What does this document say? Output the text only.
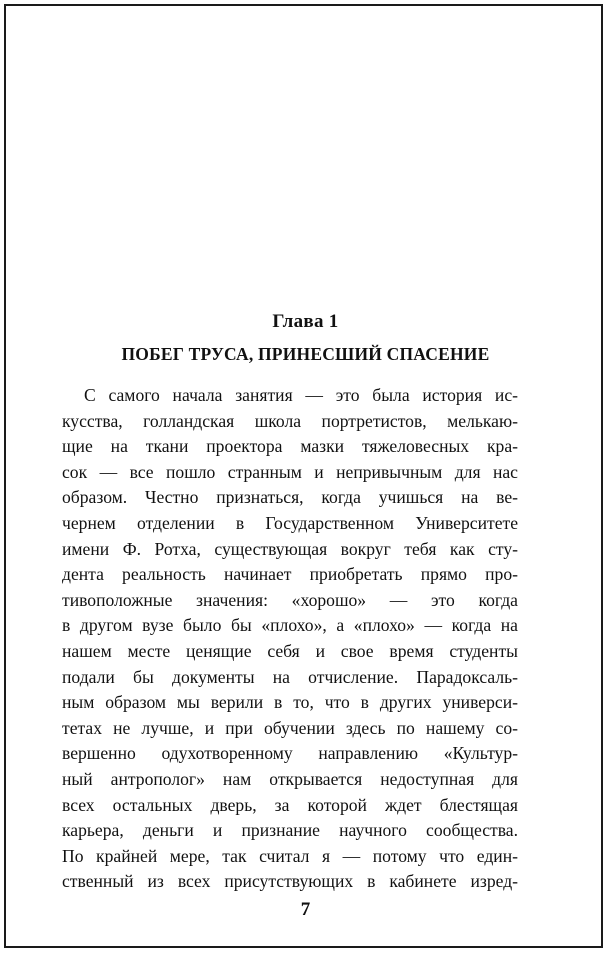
Глава 1
ПОБЕГ ТРУСА, ПРИНЕСШИЙ СПАСЕНИЕ
С самого начала занятия — это была история ис-
кусства, голландская школа портретистов, мелькаю-
щие на ткани проектора мазки тяжеловесных кра-
сок — все пошло странным и непривычным для нас
образом. Честно признаться, когда учишься на ве-
чернем отделении в Государственном Университете
имени Ф. Ротха, существующая вокруг тебя как сту-
дента реальность начинает приобретать прямо про-
тивоположные значения: «хорошо» — это когда
в другом вузе было бы «плохо», а «плохо» — когда на
нашем месте ценящие себя и свое время студенты
подали бы документы на отчисление. Парадоксаль-
ным образом мы верили в то, что в других универси-
тетах не лучше, и при обучении здесь по нашему со-
вершенно одухотворенному направлению «Культур-
ный антрополог» нам открывается недоступная для
всех остальных дверь, за которой ждет блестящая
карьера, деньги и признание научного сообщества.
По крайней мере, так считал я — потому что един-
ственный из всех присутствующих в кабинете изред-
7
